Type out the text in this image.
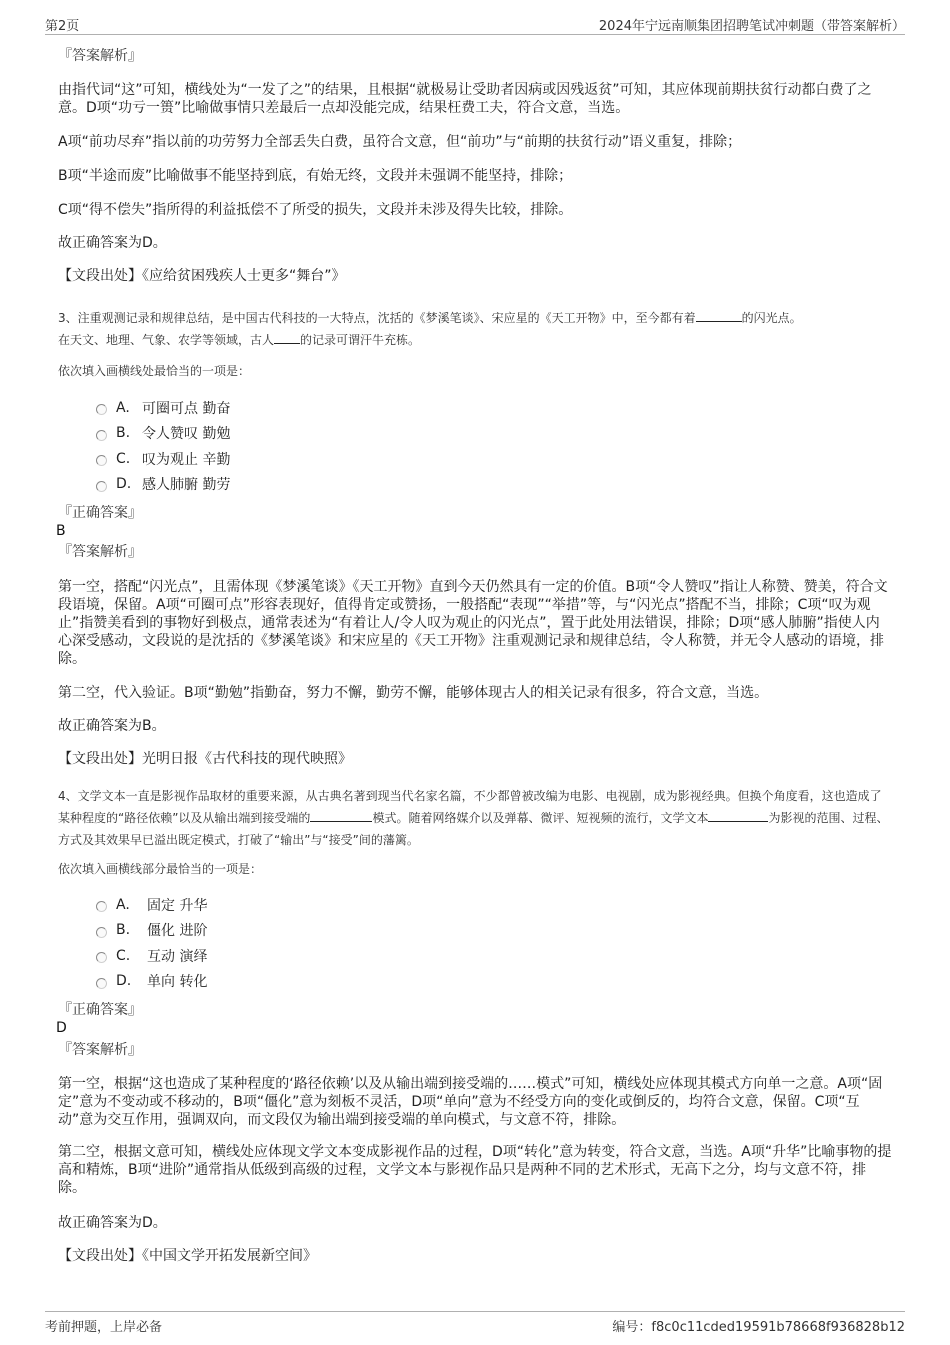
第2页	2024年宁远南顺集团招聘笔试冲刺题（带答案解析）
『答案解析』
由指代词“这”可知，横线处为“一发了之”的结果，且根据“就极易让受助者因病或因残返贫”可知，其应体现前期扶贫行动都白费了之意。D项“功亏一篑”比喻做事情只差最后一点却没能完成，结果枉费工夫，符合文意，当选。
A项“前功尽弃”指以前的功劳努力全部丢失白费，虽符合文意，但“前功”与“前期的扶贫行动”语义重复，排除；
B项“半途而废”比喻做事不能坚持到底，有始无终，文段并未强调不能坚持，排除；
C项“得不偿失”指所得的利益抵偿不了所受的损失，文段并未涉及得失比较，排除。
故正确答案为D。
【文段出处】《应给贫困残疾人士更多“舞台”》
3、注重观测记录和规律总结，是中国古代科技的一大特点，沈括的《梦溪笔谈》、宋应星的《天工开物》中，至今都有着	的闪光点。
在天文、地理、气象、农学等领域，古人 的记录可谓汗牛充栋。
依次填入画横线处最恰当的一项是：
A. 可圈可点 勤奋
B. 令人赞叹 勤勉
C. 叹为观止 辛勤
D. 感人肺腑 勤劳
『正确答案』
B
『答案解析』
第一空，搭配“闪光点”，且需体现《梦溪笔谈》《天工开物》直到今天仍然具有一定的价值。B项“令人赞叹”指让人称赞、赞美，符合文段语境，保留。A项“可圈可点”形容表现好，值得肯定或赞扬，一般搭配“表现”“举措”等，与“闪光点”搭配不当，排除；C项“叹为观止”指赞美看到的事物好到极点，通常表述为“有着让人/令人叹为观止的闪光点”，置于此处用法错误，排除；D项“感人肺腑”指使人内心深受感动，文段说的是沈括的《梦溪笔谈》和宋应星的《天工开物》注重观测记录和规律总结，令人称赞，并无令人感动的语境，排除。
第二空，代入验证。B项“勤勉”指勤奋，努力不懈，勤劳不懈，能够体现古人的相关记录有很多，符合文意，当选。
故正确答案为B。
【文段出处】光明日报《古代科技的现代映照》
4、文学文本一直是影视作品取材的重要来源，从古典名著到现当代名家名篇，不少都曾被改编为电影、电视剧，成为影视经典。但换个角度看，这也造成了某种程度的“路径依赖”以及从输出端到接受端的	模式。随着网络媒介以及弹幕、微评、短视频的流行，文学文本	为影视的范围、过程、方式及其效果早已溢出既定模式，打破了“输出”与“接受”间的藩篱。
依次填入画横线部分最恰当的一项是：
A.	固定 升华
B.	僵化 进阶
C.	互动 演绎
D.	单向 转化
『正确答案』
D
『答案解析』
第一空，根据“这也造成了某种程度的‘路径依赖’以及从输出端到接受端的……模式”可知，横线处应体现其模式方向单一之意。A项“固定”意为不变动或不移动的，B项“僵化”意为刻板不灵活，D项“单向”意为不经受方向的变化或倒反的，均符合文意，保留。C项“互动”意为交互作用，强调双向，而文段仅为输出端到接受端的单向模式，与文意不符，排除。
第二空，根据文意可知，横线处应体现文学文本变成影视作品的过程，D项“转化”意为转变，符合文意，当选。A项“升华”比喻事物的提高和精炼，B项“进阶”通常指从低级到高级的过程，文学文本与影视作品只是两种不同的艺术形式，无高下之分，均与文意不符，排除。
故正确答案为D。
【文段出处】《中国文学开拓发展新空间》
考前押题，上岸必备	编号：f8c0c11cded19591b78668f936828b12
